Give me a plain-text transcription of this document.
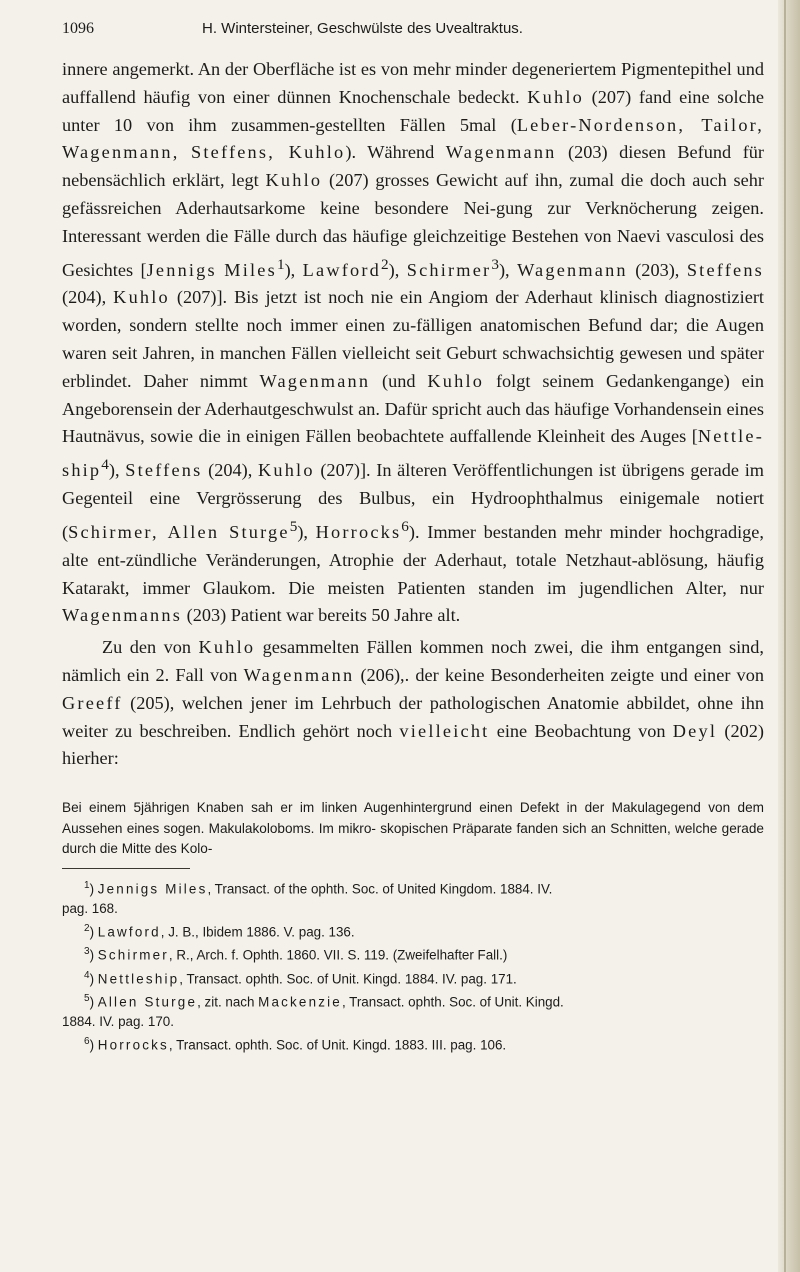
1096	H. Wintersteiner, Geschwülste des Uvealtraktus.

innere angemerkt. An der Oberfläche ist es von mehr minder degeneriertem Pigmentepithel und auffallend häufig von einer dünnen Knochenschale bedeckt. Kuhlo (207) fand eine solche unter 10 von ihm zusammen-gestellten Fällen 5mal (Leber-Nordenson, Tailor, Wagenmann, Steffens, Kuhlo). Während Wagenmann (203) diesen Befund für nebensächlich erklärt, legt Kuhlo (207) grosses Gewicht auf ihn, zumal die doch auch sehr gefässreichen Aderhautsarkome keine besondere Nei-gung zur Verknöcherung zeigen. Interessant werden die Fälle durch das häufige gleichzeitige Bestehen von Naevi vasculosi des Gesichtes [Jennigs Miles$^1$), Lawford$^2$), Schirmer$^3$), Wagenmann (203), Steffens (204), Kuhlo (207)]. Bis jetzt ist noch nie ein Angiom der Aderhaut klinisch diagnostiziert worden, sondern stellte noch immer einen zu-fälligen anatomischen Befund dar; die Augen waren seit Jahren, in manchen Fällen vielleicht seit Geburt schwachsichtig gewesen und später erblindet. Daher nimmt Wagenmann (und Kuhlo folgt seinem Gedankengange) ein Angeborensein der Aderhautgeschwulst an. Dafür spricht auch das häufige Vorhandensein eines Hautnävus, sowie die in einigen Fällen beobachtete auffallende Kleinheit des Auges [Nettle-ship$^4$), Steffens (204), Kuhlo (207)]. In älteren Veröffentlichungen ist übrigens gerade im Gegenteil eine Vergrösserung des Bulbus, ein Hydroophthalmus einigemale notiert (Schirmer, Allen Sturge$^5$), Horrocks$^6$). Immer bestanden mehr minder hochgradige, alte ent-zündliche Veränderungen, Atrophie der Aderhaut, totale Netzhaut-ablösung, häufig Katarakt, immer Glaukom. Die meisten Patienten standen im jugendlichen Alter, nur Wagenmanns (203) Patient war bereits 50 Jahre alt.

Zu den von Kuhlo gesammelten Fällen kommen noch zwei, die ihm entgangen sind, nämlich ein 2. Fall von Wagenmann (206),. der keine Besonderheiten zeigte und einer von Greeff (205), welchen jener im Lehrbuch der pathologischen Anatomie abbildet, ohne ihn weiter zu beschreiben. Endlich gehört noch vielleicht eine Beobachtung von Deyl (202) hierher:

Bei einem 5jährigen Knaben sah er im linken Augenhintergrund einen Defekt in der Makulagegend von dem Aussehen eines sogen. Makulakoloboms. Im mikro- skopischen Präparate fanden sich an Schnitten, welche gerade durch die Mitte des Kolo-

$^1$) Jennigs Miles, Transact. of the ophth. Soc. of United Kingdom. 1884. IV.

pag. 168.

$^2$) Lawford, J. B., Ibidem 1886. V. pag. 136.

$^3$) Schirmer, R., Arch. f. Ophth. 1860. VII. S. 119. (Zweifelhafter Fall.)

$^4$) Nettleship, Transact. ophth. Soc. of Unit. Kingd. 1884. IV. pag. 171.

$^5$) Allen Sturge, zit. nach Mackenzie, Transact. ophth. Soc. of Unit. Kingd.

1884. IV. pag. 170.

$^6$) Horrocks, Transact. ophth. Soc. of Unit. Kingd. 1883. III. pag. 106.
